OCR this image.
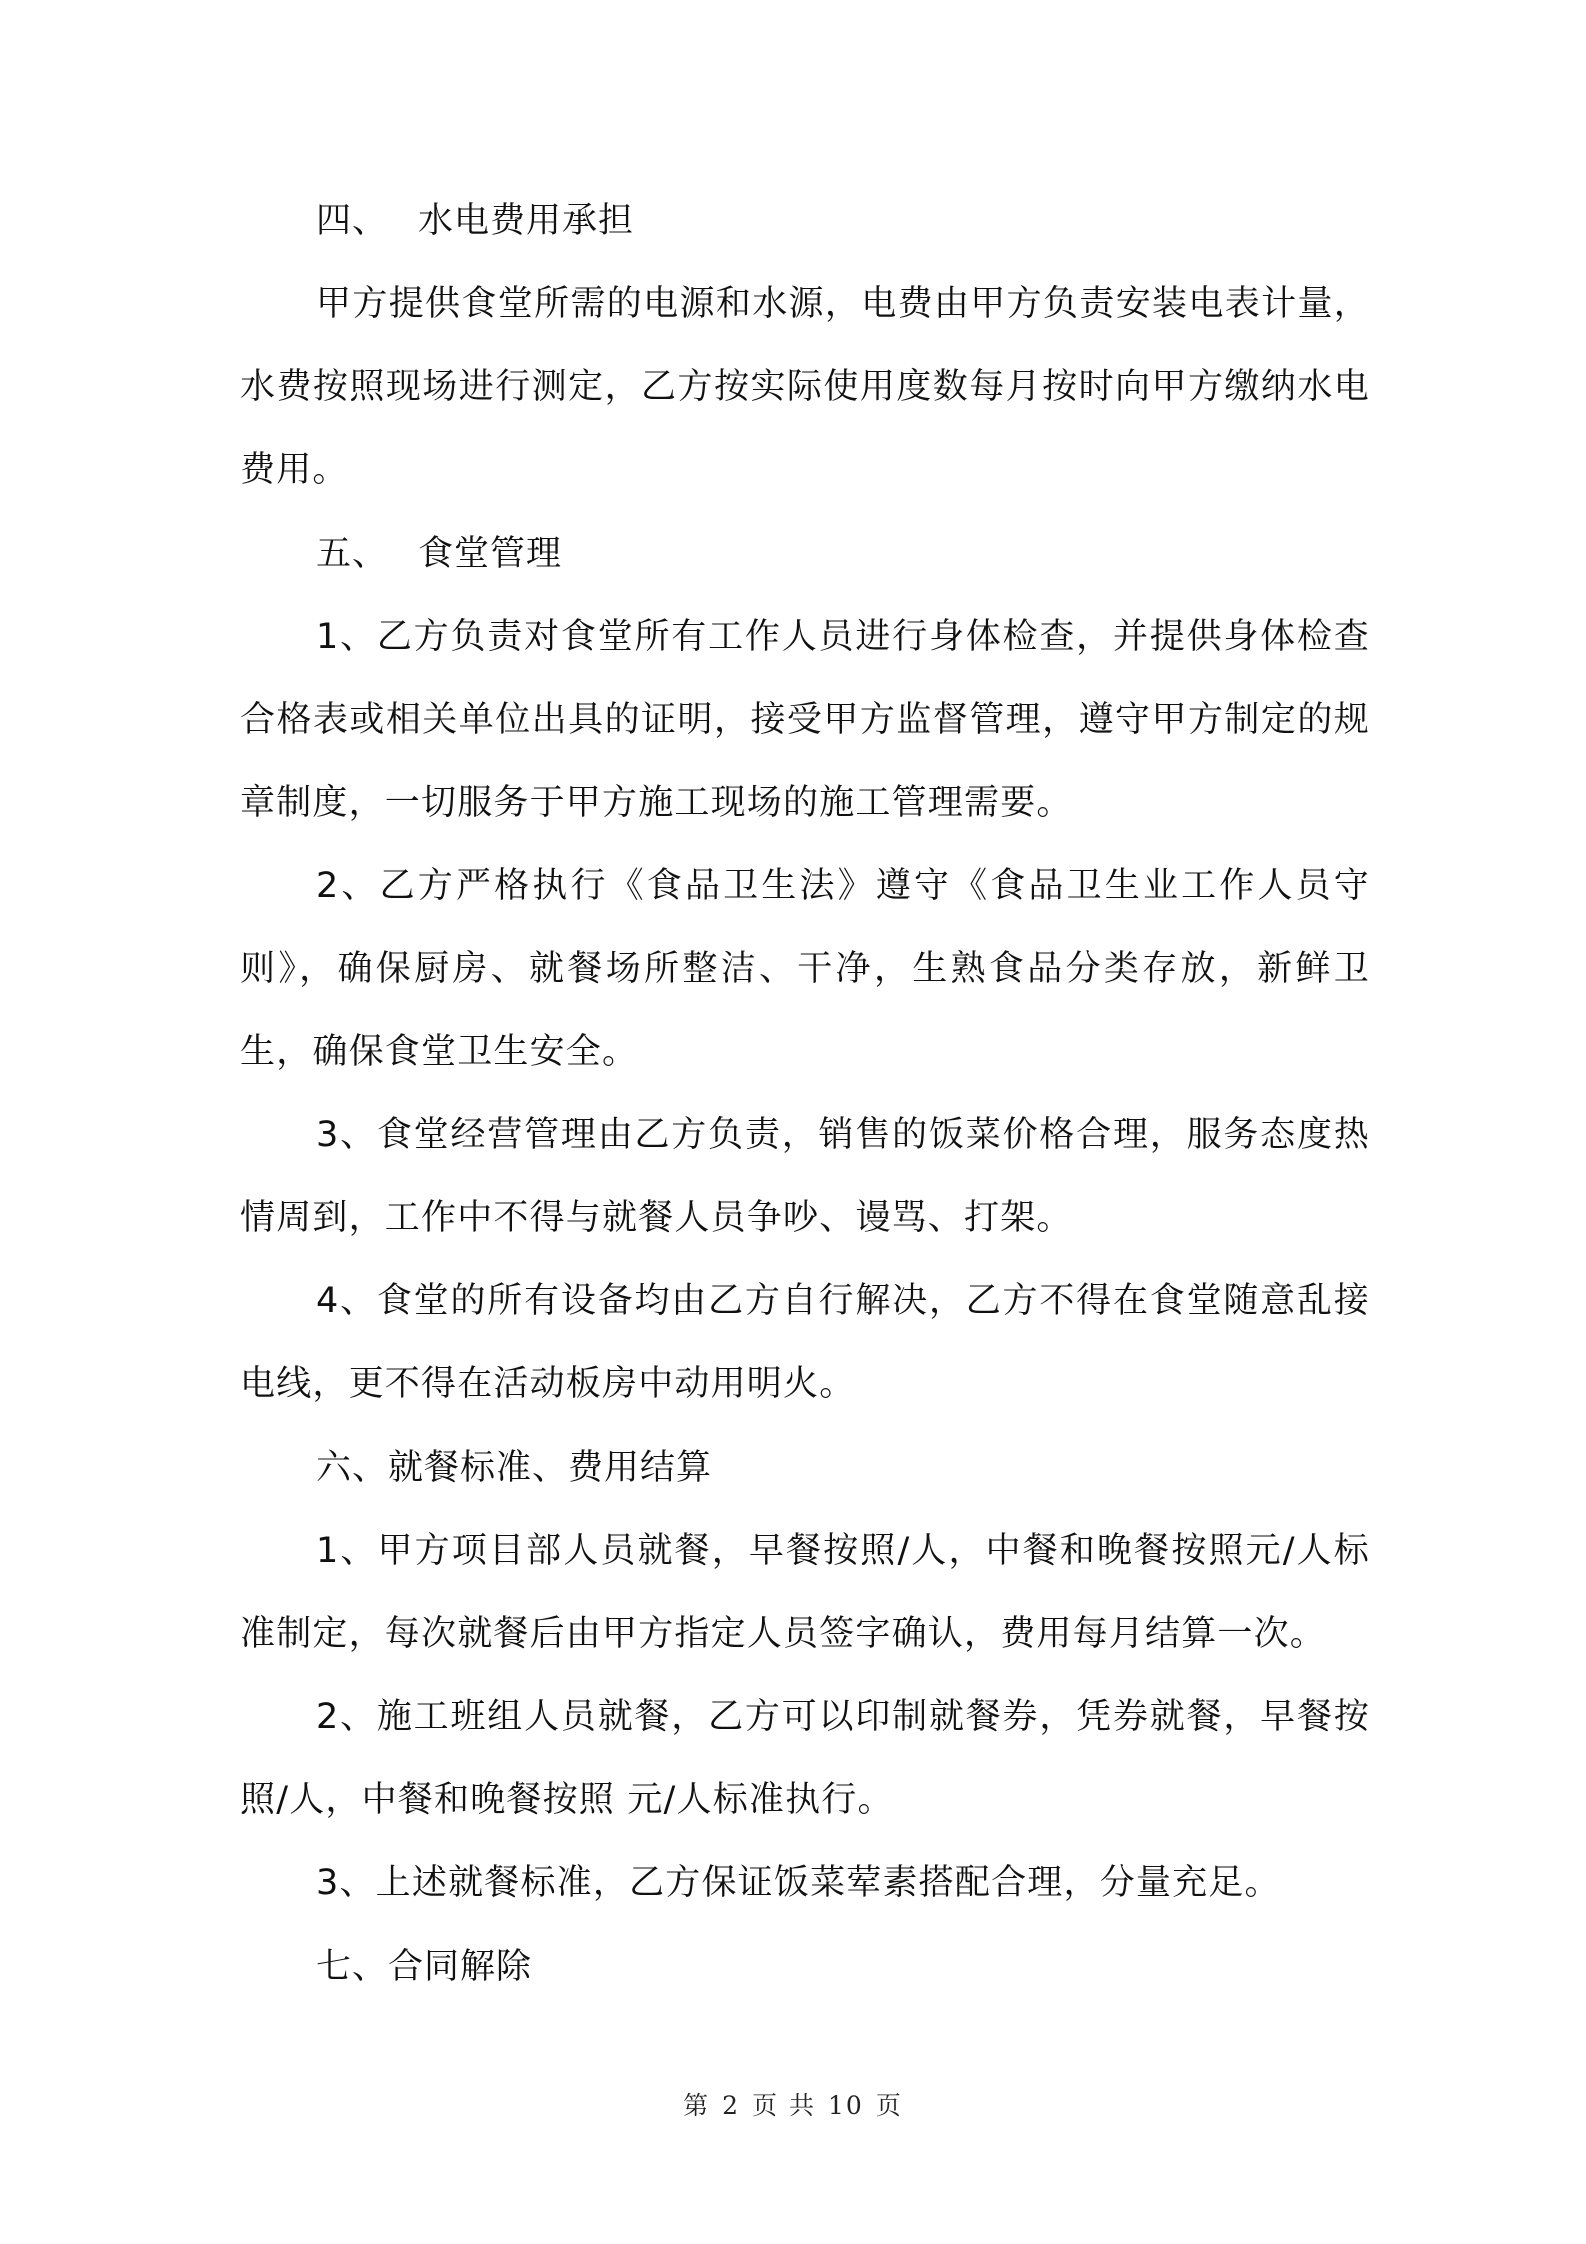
四、 水电费用承担

甲方提供食堂所需的电源和水源，电费由甲方负责安装电表计量，水费按照现场进行测定，乙方按实际使用度数每月按时向甲方缴纳水电费用。

五、 食堂管理

1、乙方负责对食堂所有工作人员进行身体检查，并提供身体检查合格表或相关单位出具的证明，接受甲方监督管理，遵守甲方制定的规章制度，一切服务于甲方施工现场的施工管理需要。

2、乙方严格执行《食品卫生法》遵守《食品卫生业工作人员守则》，确保厨房、就餐场所整洁、干净，生熟食品分类存放，新鲜卫生，确保食堂卫生安全。

3、食堂经营管理由乙方负责，销售的饭菜价格合理，服务态度热情周到，工作中不得与就餐人员争吵、谩骂、打架。

4、食堂的所有设备均由乙方自行解决，乙方不得在食堂随意乱接电线，更不得在活动板房中动用明火。

六、就餐标准、费用结算

1、甲方项目部人员就餐，早餐按照/人，中餐和晚餐按照元/人标准制定，每次就餐后由甲方指定人员签字确认，费用每月结算一次。

2、施工班组人员就餐，乙方可以印制就餐券，凭券就餐，早餐按照/人，中餐和晚餐按照 元/人标准执行。

3、上述就餐标准，乙方保证饭菜荤素搭配合理，分量充足。

七、合同解除
第 2 页 共 10 页
